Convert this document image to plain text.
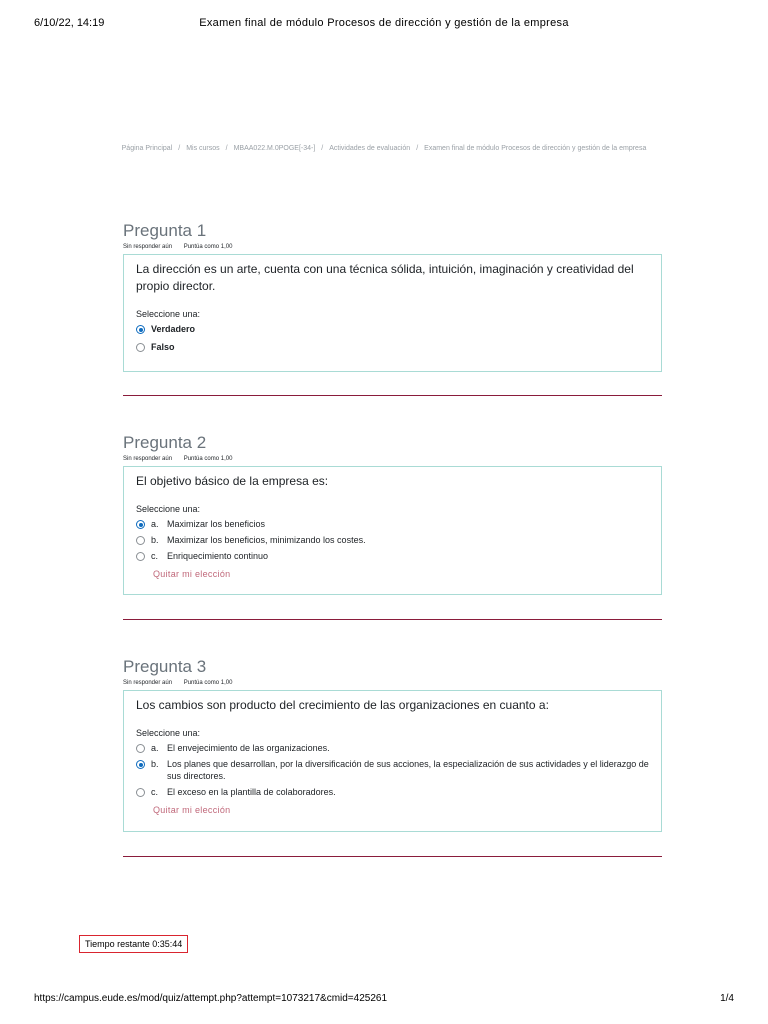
6/10/22, 14:19	Examen final de módulo Procesos de dirección y gestión de la empresa
Página Principal / Mis cursos / MBAA022.M.0POGE[-34-] / Actividades de evaluación / Examen final de módulo Procesos de dirección y gestión de la empresa
Pregunta 1
Sin responder aún Puntúa como 1,00

La dirección es un arte, cuenta con una técnica sólida, intuición, imaginación y creatividad del propio director.

Seleccione una:
Verdadero
Falso
Pregunta 2
Sin responder aún Puntúa como 1,00

El objetivo básico de la empresa es:

Seleccione una:
a. Maximizar los beneficios
b. Maximizar los beneficios, minimizando los costes.
c. Enriquecimiento continuo
Quitar mi elección
Pregunta 3
Sin responder aún Puntúa como 1,00

Los cambios son producto del crecimiento de las organizaciones en cuanto a:

Seleccione una:
a. El envejecimiento de las organizaciones.
b. Los planes que desarrollan, por la diversificación de sus acciones, la especialización de sus actividades y el liderazgo de sus directores.
c. El exceso en la plantilla de colaboradores.
Quitar mi elección
Tiempo restante 0:35:44
https://campus.eude.es/mod/quiz/attempt.php?attempt=1073217&cmid=425261	1/4
